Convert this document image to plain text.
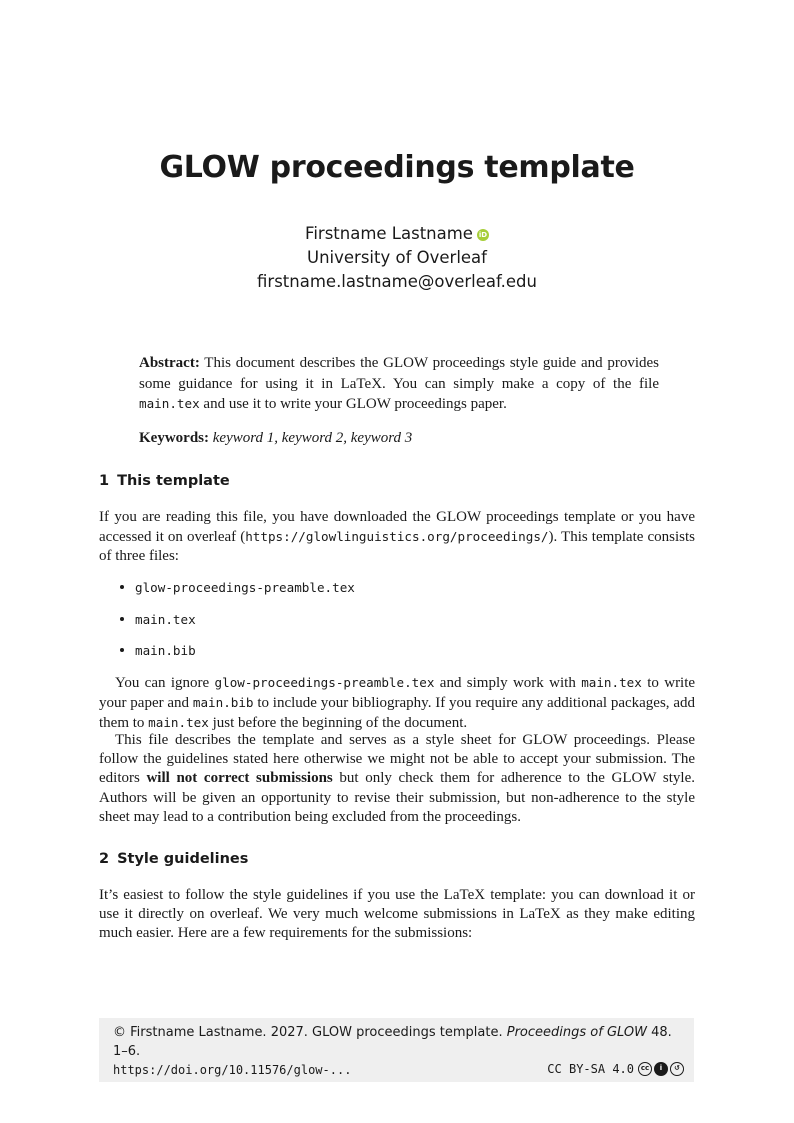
GLOW proceedings template
Firstname Lastname iD
University of Overleaf
firstname.lastname@overleaf.edu
Abstract: This document describes the GLOW proceedings style guide and provides some guidance for using it in LaTeX. You can simply make a copy of the file main.tex and use it to write your GLOW proceedings paper.
Keywords: keyword 1, keyword 2, keyword 3
1 This template
If you are reading this file, you have downloaded the GLOW proceedings template or you have accessed it on overleaf (https://glowlinguistics.org/proceedings/). This template consists of three files:
glow-proceedings-preamble.tex
main.tex
main.bib
You can ignore glow-proceedings-preamble.tex and simply work with main.tex to write your paper and main.bib to include your bibliography. If you require any additional packages, add them to main.tex just before the beginning of the document.
This file describes the template and serves as a style sheet for GLOW proceedings. Please follow the guidelines stated here otherwise we might not be able to accept your submission. The editors will not correct submissions but only check them for adherence to the GLOW style. Authors will be given an opportunity to revise their submission, but non-adherence to the style sheet may lead to a contribution being excluded from the proceedings.
2 Style guidelines
It’s easiest to follow the style guidelines if you use the LaTeX template: you can download it or use it directly on overleaf. We very much welcome submissions in LaTeX as they make editing much easier. Here are a few requirements for the submissions:
© Firstname Lastname. 2027. GLOW proceedings template. Proceedings of GLOW 48. 1–6.
https://doi.org/10.11576/glow-...	CC BY-SA 4.0 cc	i	↺
